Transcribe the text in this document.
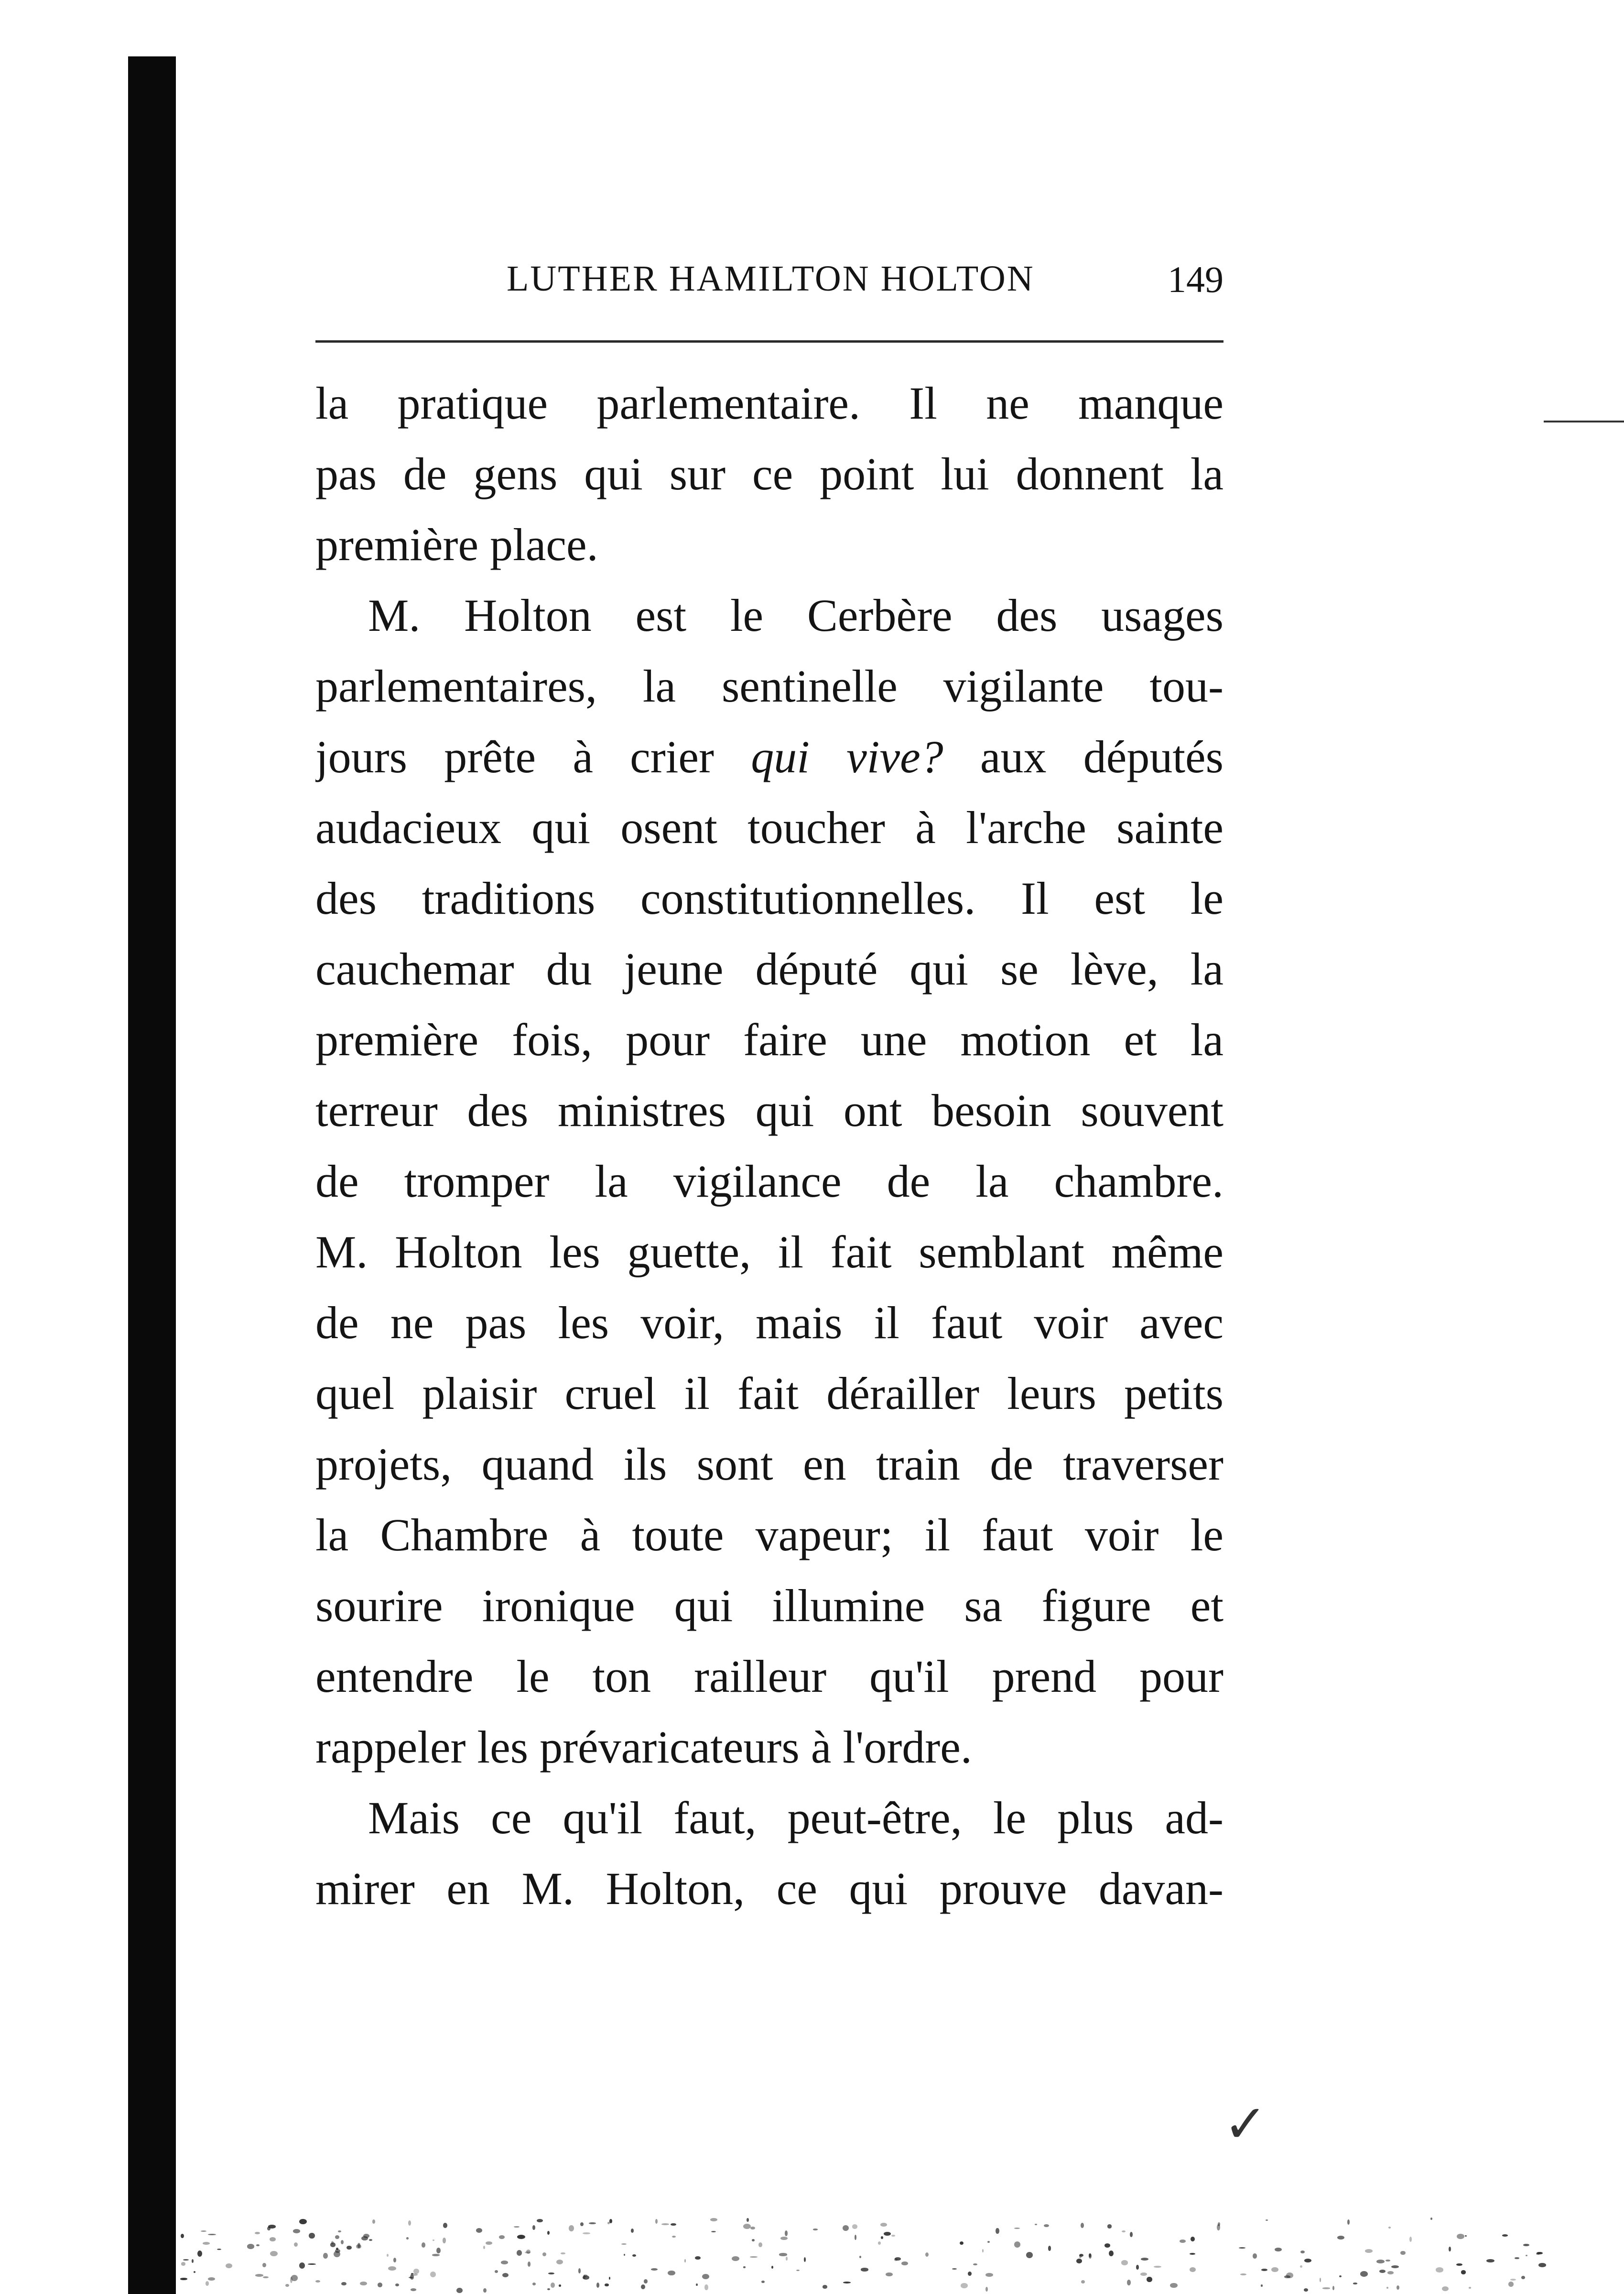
LUTHER HAMILTON HOLTON	149
la pratique parlementaire. Il ne manque
pas de gens qui sur ce point lui donnent la
première place.
M. Holton est le Cerbère des usages
parlementaires, la sentinelle vigilante tou-
jours prête à crier qui vive? aux députés
audacieux qui osent toucher à l'arche sainte
des traditions constitutionnelles. Il est le
cauchemar du jeune député qui se lève, la
première fois, pour faire une motion et la
terreur des ministres qui ont besoin souvent
de tromper la vigilance de la chambre.
M. Holton les guette, il fait semblant même
de ne pas les voir, mais il faut voir avec
quel plaisir cruel il fait dérailler leurs petits
projets, quand ils sont en train de traverser
la Chambre à toute vapeur; il faut voir le
sourire ironique qui illumine sa figure et
entendre le ton railleur qu'il prend pour
rappeler les prévaricateurs à l'ordre.
Mais ce qu'il faut, peut-être, le plus ad-
mirer en M. Holton, ce qui prouve davan-
✓
